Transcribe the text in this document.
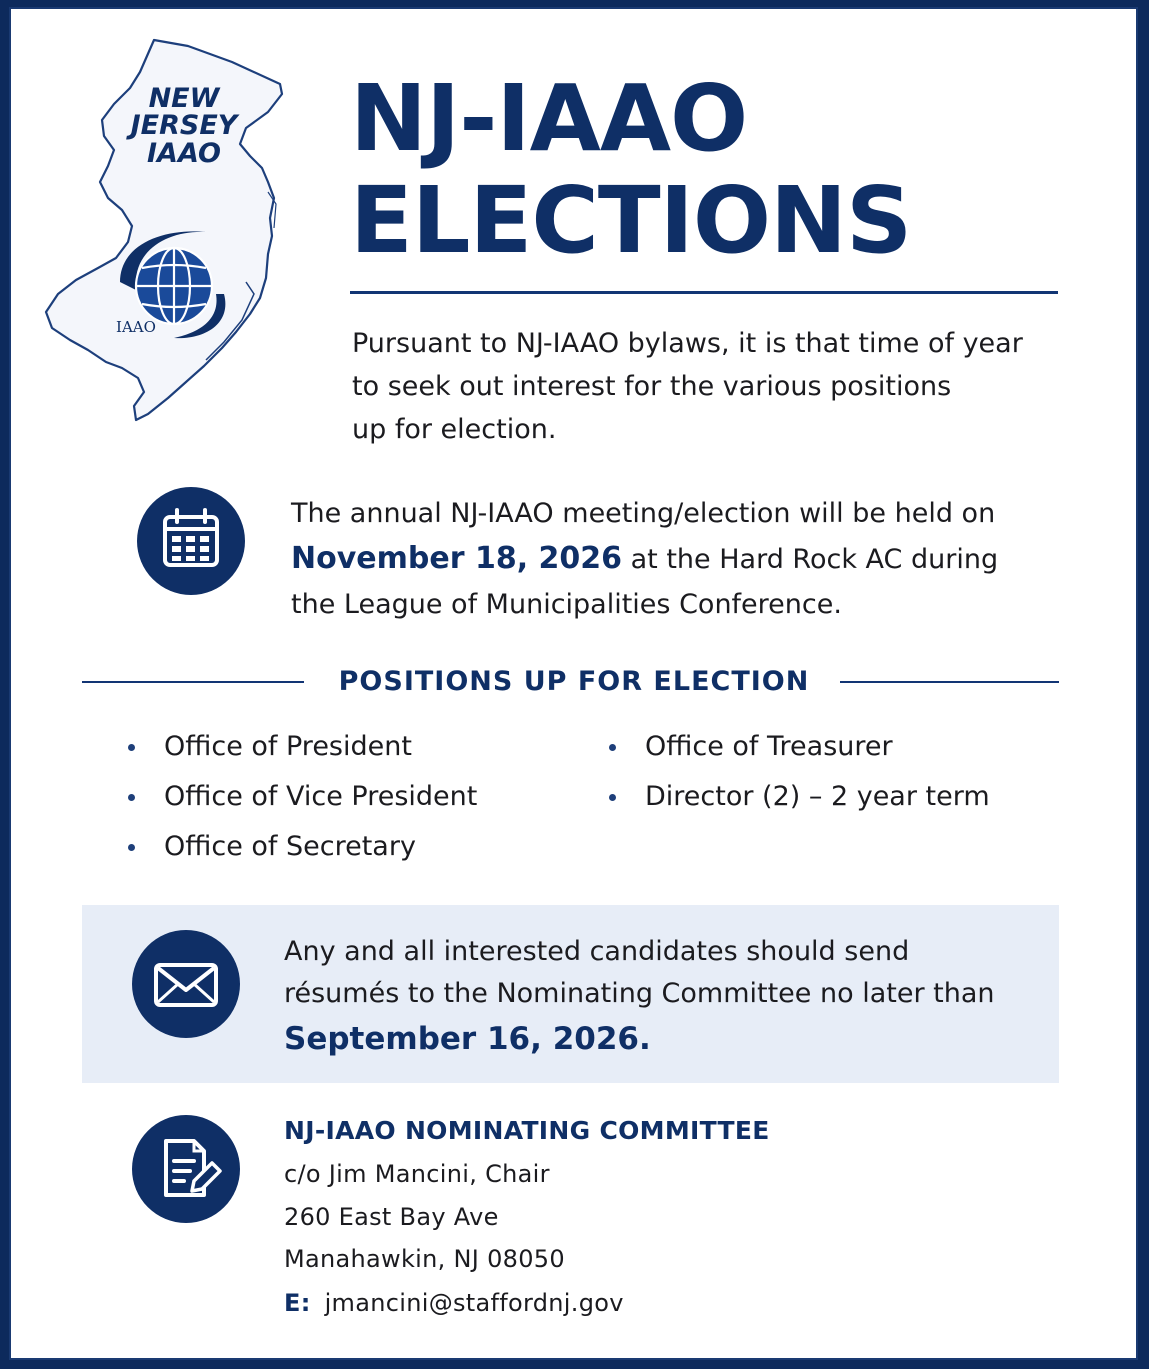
NEW
JERSEY
IAAO
IAAO
NJ-IAAO
ELECTIONS
Pursuant to NJ-IAAO bylaws, it is that time of year
to seek out interest for the various positions
up for election.
The annual NJ-IAAO meeting/election will be held on
November 18, 2026 at the Hard Rock AC during
the League of Municipalities Conference.
POSITIONS UP FOR ELECTION
Office of President
Office of Vice President
Office of Secretary
Office of Treasurer
Director (2) – 2 year term
Any and all interested candidates should send
résumés to the Nominating Committee no later than
September 16, 2026.
NJ-IAAO NOMINATING COMMITTEE
c/o Jim Mancini, Chair
260 East Bay Ave
Manahawkin, NJ 08050
E: jmancini@staffordnj.gov
